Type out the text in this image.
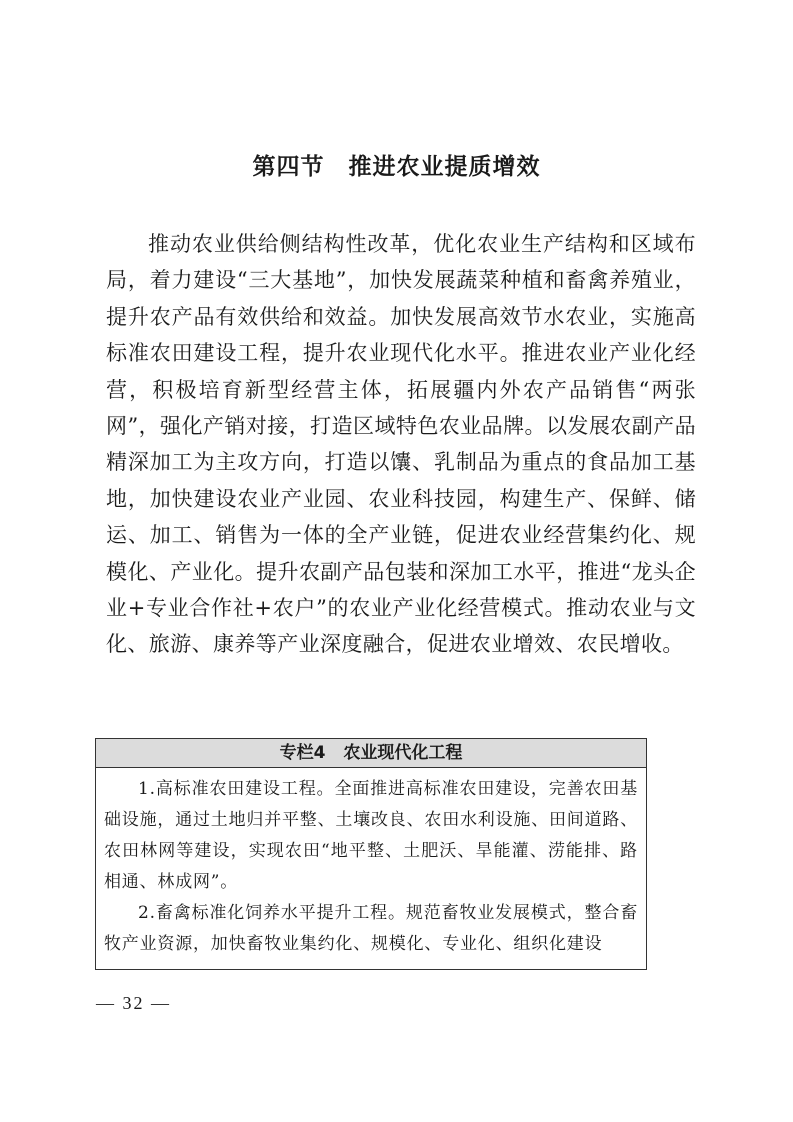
第四节 推进农业提质增效

推动农业供给侧结构性改革，优化农业生产结构和区域布局，着力建设“三大基地”，加快发展蔬菜种植和畜禽养殖业，提升农产品有效供给和效益。加快发展高效节水农业，实施高标准农田建设工程，提升农业现代化水平。推进农业产业化经营，积极培育新型经营主体，拓展疆内外农产品销售“两张网”，强化产销对接，打造区域特色农业品牌。以发展农副产品精深加工为主攻方向，打造以馕、乳制品为重点的食品加工基地，加快建设农业产业园、农业科技园，构建生产、保鲜、储运、加工、销售为一体的全产业链，促进农业经营集约化、规模化、产业化。提升农副产品包装和深加工水平，推进“龙头企业+专业合作社+农户”的农业产业化经营模式。推动农业与文化、旅游、康养等产业深度融合，促进农业增效、农民增收。

专栏4 农业现代化工程

1.高标准农田建设工程。全面推进高标准农田建设，完善农田基础设施，通过土地归并平整、土壤改良、农田水利设施、田间道路、农田林网等建设，实现农田“地平整、土肥沃、旱能灌、涝能排、路相通、林成网”。

2.畜禽标准化饲养水平提升工程。规范畜牧业发展模式，整合畜牧产业资源，加快畜牧业集约化、规模化、专业化、组织化建设

— 32 —
